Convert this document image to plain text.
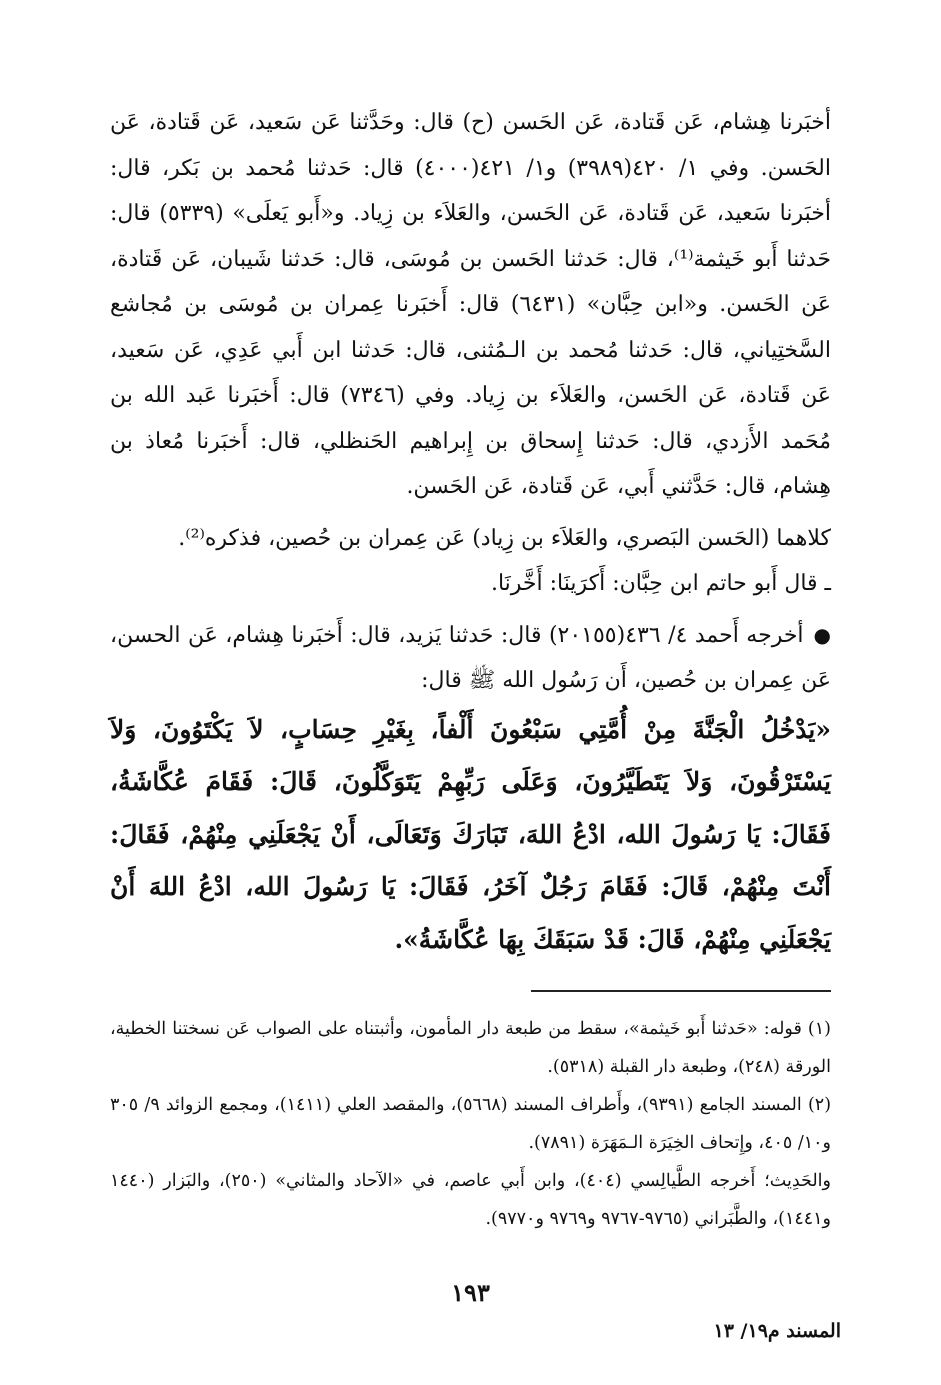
أخبَرنا هِشام، عَن قَتادة، عَن الحَسن (ح) قال: وحَدَّثنا عَن سَعيد، عَن قَتادة، عَن الحَسن. وفي ١/ ٤٢٠(٣٩٨٩) و١/ ٤٢١(٤٠٠٠) قال: حَدثنا مُحمد بن بَكر، قال: أخبَرنا سَعيد، عَن قَتادة، عَن الحَسن، والعَلاَء بن زِياد. و«أَبو يَعلَى» (٥٣٣٩) قال: حَدثنا أَبو خَيثمة⁽¹⁾، قال: حَدثنا الحَسن بن مُوسَى، قال: حَدثنا شَيبان، عَن قَتادة، عَن الحَسن. و«ابن حِبَّان» (٦٤٣١) قال: أَخبَرنا عِمران بن مُوسَى بن مُجاشع السَّختِياني، قال: حَدثنا مُحمد بن الـمُثنى، قال: حَدثنا ابن أَبي عَدِي، عَن سَعيد، عَن قَتادة، عَن الحَسن، والعَلاَء بن زِياد. وفي (٧٣٤٦) قال: أَخبَرنا عَبد الله بن مُحَمد الأَزدي، قال: حَدثنا إِسحاق بن إِبراهيم الحَنظلي، قال: أَخبَرنا مُعاذ بن هِشام، قال: حَدَّثني أَبي، عَن قَتادة، عَن الحَسن.

كلاهما (الحَسن البَصري، والعَلاَء بن زِياد) عَن عِمران بن حُصين، فذكره⁽²⁾.

ـ قال أَبو حاتم ابن حِبَّان: أَكرَينَا: أَخَّرنَا.

●أخرجه أَحمد ٤/ ٤٣٦(٢٠١٥٥) قال: حَدثنا يَزيد، قال: أَخبَرنا هِشام، عَن الحسن، عَن عِمران بن حُصين، أَن رَسُول الله ﷺ قال:

«يَدْخُلُ الْجَنَّةَ مِنْ أُمَّتِي سَبْعُونَ أَلْفاً، بِغَيْرِ حِسَابٍ، لاَ يَكْتَوُونَ، وَلاَ يَسْتَرْقُونَ، وَلاَ يَتَطَيَّرُونَ، وَعَلَى رَبِّهِمْ يَتَوَكَّلُونَ، قَالَ: فَقَامَ عُكَّاشَةُ، فَقَالَ: يَا رَسُولَ الله، ادْعُ اللهَ، تَبَارَكَ وَتَعَالَى، أَنْ يَجْعَلَنِي مِنْهُمْ، فَقَالَ: أَنْتَ مِنْهُمْ، قَالَ: فَقَامَ رَجُلٌ آخَرُ، فَقَالَ: يَا رَسُولَ الله، ادْعُ اللهَ أَنْ يَجْعَلَنِي مِنْهُمْ، قَالَ: قَدْ سَبَقَكَ بِهَا عُكَّاشَةُ».

(١) قوله: «حَدثنا أَبو خَيثمة»، سقط من طبعة دار المأمون، وأثبتناه على الصواب عَن نسختنا الخطية، الورقة (٢٤٨)، وطبعة دار القبلة (٥٣١٨).

(٢) المسند الجامع (٩٣٩١)، وأَطراف المسند (٥٦٦٨)، والمقصد العلي (١٤١١)، ومجمع الزوائد ٩/ ٣٠٥ و١٠/ ٤٠٥، وإِتحاف الخِيَرَة الـمَهَرَة (٧٨٩١).

والحَدِيث؛ أَخرجه الطَّيالِسي (٤٠٤)، وابن أَبي عاصم، في «الآحاد والمثاني» (٢٥٠)، والبَزار (١٤٤٠ و١٤٤١)، والطَّبَراني (٩٧٦٥-٩٧٦٧ و٩٧٦٩ و٩٧٧٠).

١٩٣
المسند م١٩/ ١٣
